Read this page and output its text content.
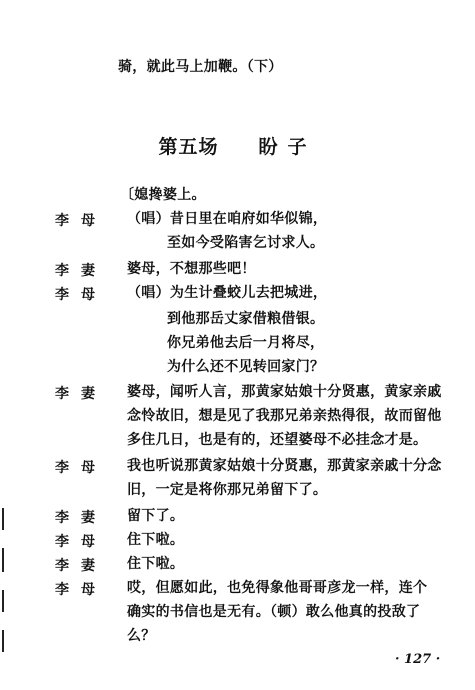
骑，就此马上加鞭。（下）
第五场 盼子
〔媳搀婆上。
李母 （唱）昔日里在咱府如华似锦，
至如今受陷害乞讨求人。
李妻 婆母，不想那些吧！
李母 （唱）为生计叠蛟儿去把城进，
到他那岳丈家借粮借银。
你兄弟他去后一月将尽，
为什么还不见转回家门？
李妻 婆母，闻听人言，那黄家姑娘十分贤惠，黄家亲戚
念怜故旧，想是见了我那兄弟亲热得很，故而留他
多住几日，也是有的，还望婆母不必挂念才是。
李母 我也听说那黄家姑娘十分贤惠，那黄家亲戚十分念
旧，一定是将你那兄弟留下了。
李妻 留下了。
李母 住下啦。
李妻 住下啦。
李母 哎，但愿如此，也免得象他哥哥彦龙一样，连个
确实的书信也是无有。（顿）敢么他真的投敌了
么？
· 127 ·
